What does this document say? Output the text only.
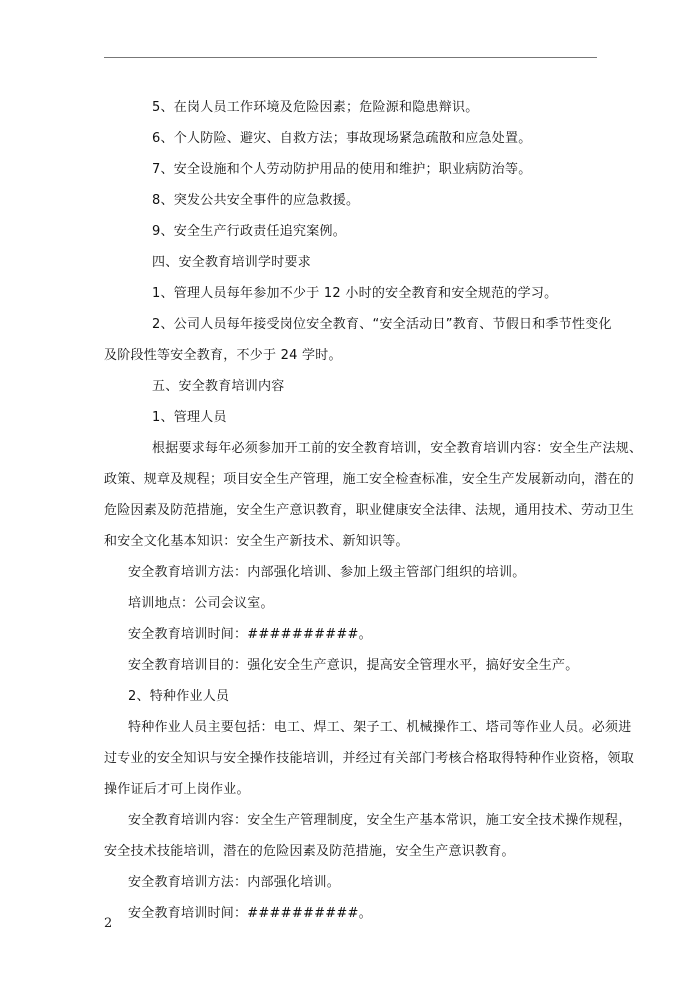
5、在岗人员工作环境及危险因素；危险源和隐患辩识。

6、个人防险、避灾、自救方法；事故现场紧急疏散和应急处置。

7、安全设施和个人劳动防护用品的使用和维护；职业病防治等。

8、突发公共安全事件的应急救援。

9、安全生产行政责任追究案例。

四、安全教育培训学时要求

1、管理人员每年参加不少于 12 小时的安全教育和安全规范的学习。

2、公司人员每年接受岗位安全教育、“安全活动日”教育、节假日和季节性变化

及阶段性等安全教育，不少于 24 学时。

五、安全教育培训内容

1、管理人员

根据要求每年必须参加开工前的安全教育培训，安全教育培训内容：安全生产法规、

政策、规章及规程；项目安全生产管理，施工安全检查标准，安全生产发展新动向，潜在的

危险因素及防范措施，安全生产意识教育，职业健康安全法律、法规，通用技术、劳动卫生

和安全文化基本知识：安全生产新技术、新知识等。

安全教育培训方法：内部强化培训、参加上级主管部门组织的培训。

培训地点：公司会议室。

安全教育培训时间：##########。

安全教育培训目的：强化安全生产意识，提高安全管理水平，搞好安全生产。

2、特种作业人员

特种作业人员主要包括：电工、焊工、架子工、机械操作工、塔司等作业人员。必须进

过专业的安全知识与安全操作技能培训，并经过有关部门考核合格取得特种作业资格，领取

操作证后才可上岗作业。

安全教育培训内容：安全生产管理制度，安全生产基本常识，施工安全技术操作规程，

安全技术技能培训，潜在的危险因素及防范措施，安全生产意识教育。

安全教育培训方法：内部强化培训。

安全教育培训时间：##########。

2
